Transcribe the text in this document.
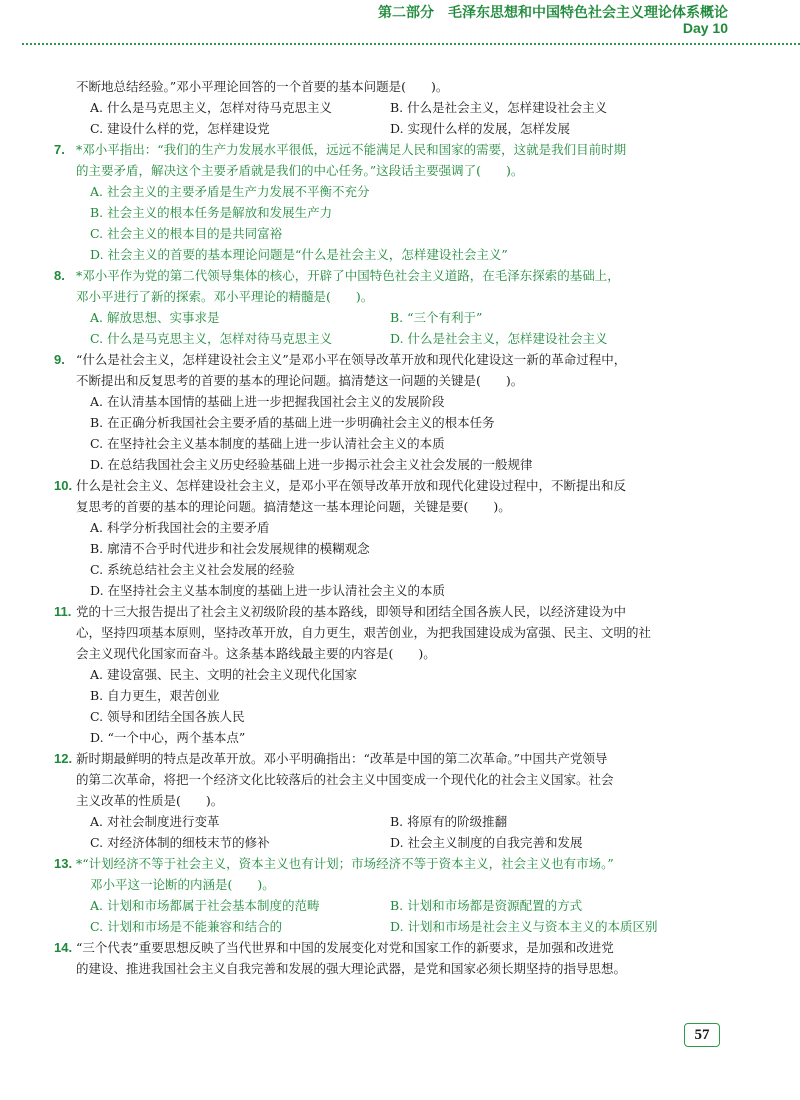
第二部分　毛泽东思想和中国特色社会主义理论体系概论
Day 10
不断地总结经验。”邓小平理论回答的一个首要的基本问题是(　　)。
A. 什么是马克思主义，怎样对待马克思主义	B. 什么是社会主义，怎样建设社会主义
C. 建设什么样的党，怎样建设党	D. 实现什么样的发展，怎样发展
7. *邓小平指出：“我们的生产力发展水平很低，远远不能满足人民和国家的需要，这就是我们目前时期
的主要矛盾，解决这个主要矛盾就是我们的中心任务。”这段话主要强调了(　　)。
A. 社会主义的主要矛盾是生产力发展不平衡不充分
B. 社会主义的根本任务是解放和发展生产力
C. 社会主义的根本目的是共同富裕
D. 社会主义的首要的基本理论问题是“什么是社会主义，怎样建设社会主义”
8. *邓小平作为党的第二代领导集体的核心，开辟了中国特色社会主义道路，在毛泽东探索的基础上，
邓小平进行了新的探索。邓小平理论的精髓是(　　)。
A. 解放思想、实事求是	B. “三个有利于”
C. 什么是马克思主义，怎样对待马克思主义	D. 什么是社会主义，怎样建设社会主义
9. “什么是社会主义，怎样建设社会主义”是邓小平在领导改革开放和现代化建设这一新的革命过程中，
不断提出和反复思考的首要的基本的理论问题。搞清楚这一问题的关键是(　　)。
A. 在认清基本国情的基础上进一步把握我国社会主义的发展阶段
B. 在正确分析我国社会主要矛盾的基础上进一步明确社会主义的根本任务
C. 在坚持社会主义基本制度的基础上进一步认清社会主义的本质
D. 在总结我国社会主义历史经验基础上进一步揭示社会主义社会发展的一般规律
10. 什么是社会主义、怎样建设社会主义，是邓小平在领导改革开放和现代化建设过程中，不断提出和反
复思考的首要的基本的理论问题。搞清楚这一基本理论问题，关键是要(　　)。
A. 科学分析我国社会的主要矛盾
B. 廓清不合乎时代进步和社会发展规律的模糊观念
C. 系统总结社会主义社会发展的经验
D. 在坚持社会主义基本制度的基础上进一步认清社会主义的本质
11. 党的十三大报告提出了社会主义初级阶段的基本路线，即领导和团结全国各族人民，以经济建设为中
心，坚持四项基本原则，坚持改革开放，自力更生，艰苦创业，为把我国建设成为富强、民主、文明的社
会主义现代化国家而奋斗。这条基本路线最主要的内容是(　　)。
A. 建设富强、民主、文明的社会主义现代化国家
B. 自力更生，艰苦创业
C. 领导和团结全国各族人民
D. “一个中心，两个基本点”
12. 新时期最鲜明的特点是改革开放。邓小平明确指出：“改革是中国的第二次革命。”中国共产党领导
的第二次革命，将把一个经济文化比较落后的社会主义中国变成一个现代化的社会主义国家。社会
主义改革的性质是(　　)。
A. 对社会制度进行变革	B. 将原有的阶级推翻
C. 对经济体制的细枝末节的修补	D. 社会主义制度的自我完善和发展
13. *“计划经济不等于社会主义，资本主义也有计划；市场经济不等于资本主义，社会主义也有市场。”
邓小平这一论断的内涵是(　　)。
A. 计划和市场都属于社会基本制度的范畴	B. 计划和市场都是资源配置的方式
C. 计划和市场是不能兼容和结合的	D. 计划和市场是社会主义与资本主义的本质区别
14. “三个代表”重要思想反映了当代世界和中国的发展变化对党和国家工作的新要求，是加强和改进党
的建设、推进我国社会主义自我完善和发展的强大理论武器，是党和国家必须长期坚持的指导思想。
57
